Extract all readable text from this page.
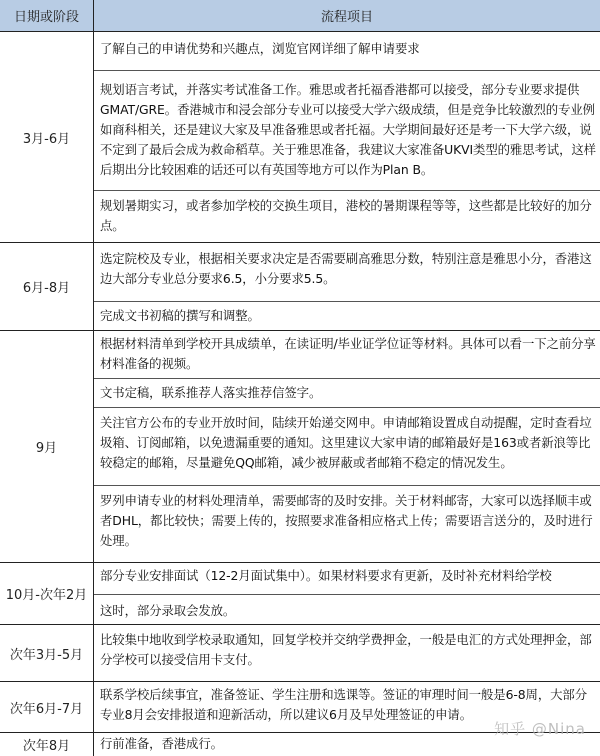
日期或阶段	流程项目
3月-6月
了解自己的申请优势和兴趣点，浏览官网详细了解申请要求
规划语言考试，并落实考试准备工作。雅思或者托福香港都可以接受，部分专业要求提供GMAT/GRE。香港城市和浸会部分专业可以接受大学六级成绩，但是竞争比较激烈的专业例如商科相关，还是建议大家及早准备雅思或者托福。大学期间最好还是考一下大学六级，说不定到了最后会成为救命稻草。关于雅思准备，我建议大家准备UKVI类型的雅思考试，这样后期出分比较困难的话还可以有英国等地方可以作为Plan B。
规划暑期实习，或者参加学校的交换生项目，港校的暑期课程等等，这些都是比较好的加分点。
6月-8月
选定院校及专业，根据相关要求决定是否需要刷高雅思分数，特别注意是雅思小分，香港这边大部分专业总分要求6.5，小分要求5.5。
完成文书初稿的撰写和调整。
9月
根据材料清单到学校开具成绩单，在读证明/毕业证学位证等材料。具体可以看一下之前分享材料准备的视频。
文书定稿，联系推荐人落实推荐信签字。
关注官方公布的专业开放时间，陆续开始递交网申。申请邮箱设置成自动提醒，定时查看垃圾箱、订阅邮箱，以免遗漏重要的通知。这里建议大家申请的邮箱最好是163或者新浪等比较稳定的邮箱，尽量避免QQ邮箱，减少被屏蔽或者邮箱不稳定的情况发生。
罗列申请专业的材料处理清单，需要邮寄的及时安排。关于材料邮寄，大家可以选择顺丰或者DHL，都比较快；需要上传的，按照要求准备相应格式上传；需要语言送分的，及时进行处理。
10月-次年2月
部分专业安排面试（12-2月面试集中）。如果材料要求有更新，及时补充材料给学校
这时，部分录取会发放。
次年3月-5月
比较集中地收到学校录取通知，回复学校并交纳学费押金，一般是电汇的方式处理押金，部分学校可以接受信用卡支付。
次年6月-7月
联系学校后续事宜，准备签证、学生注册和选课等。签证的审理时间一般是6-8周，大部分专业8月会安排报道和迎新活动，所以建议6月及早处理签证的申请。
次年8月	行前准备，香港成行。
知乎 @Nina
